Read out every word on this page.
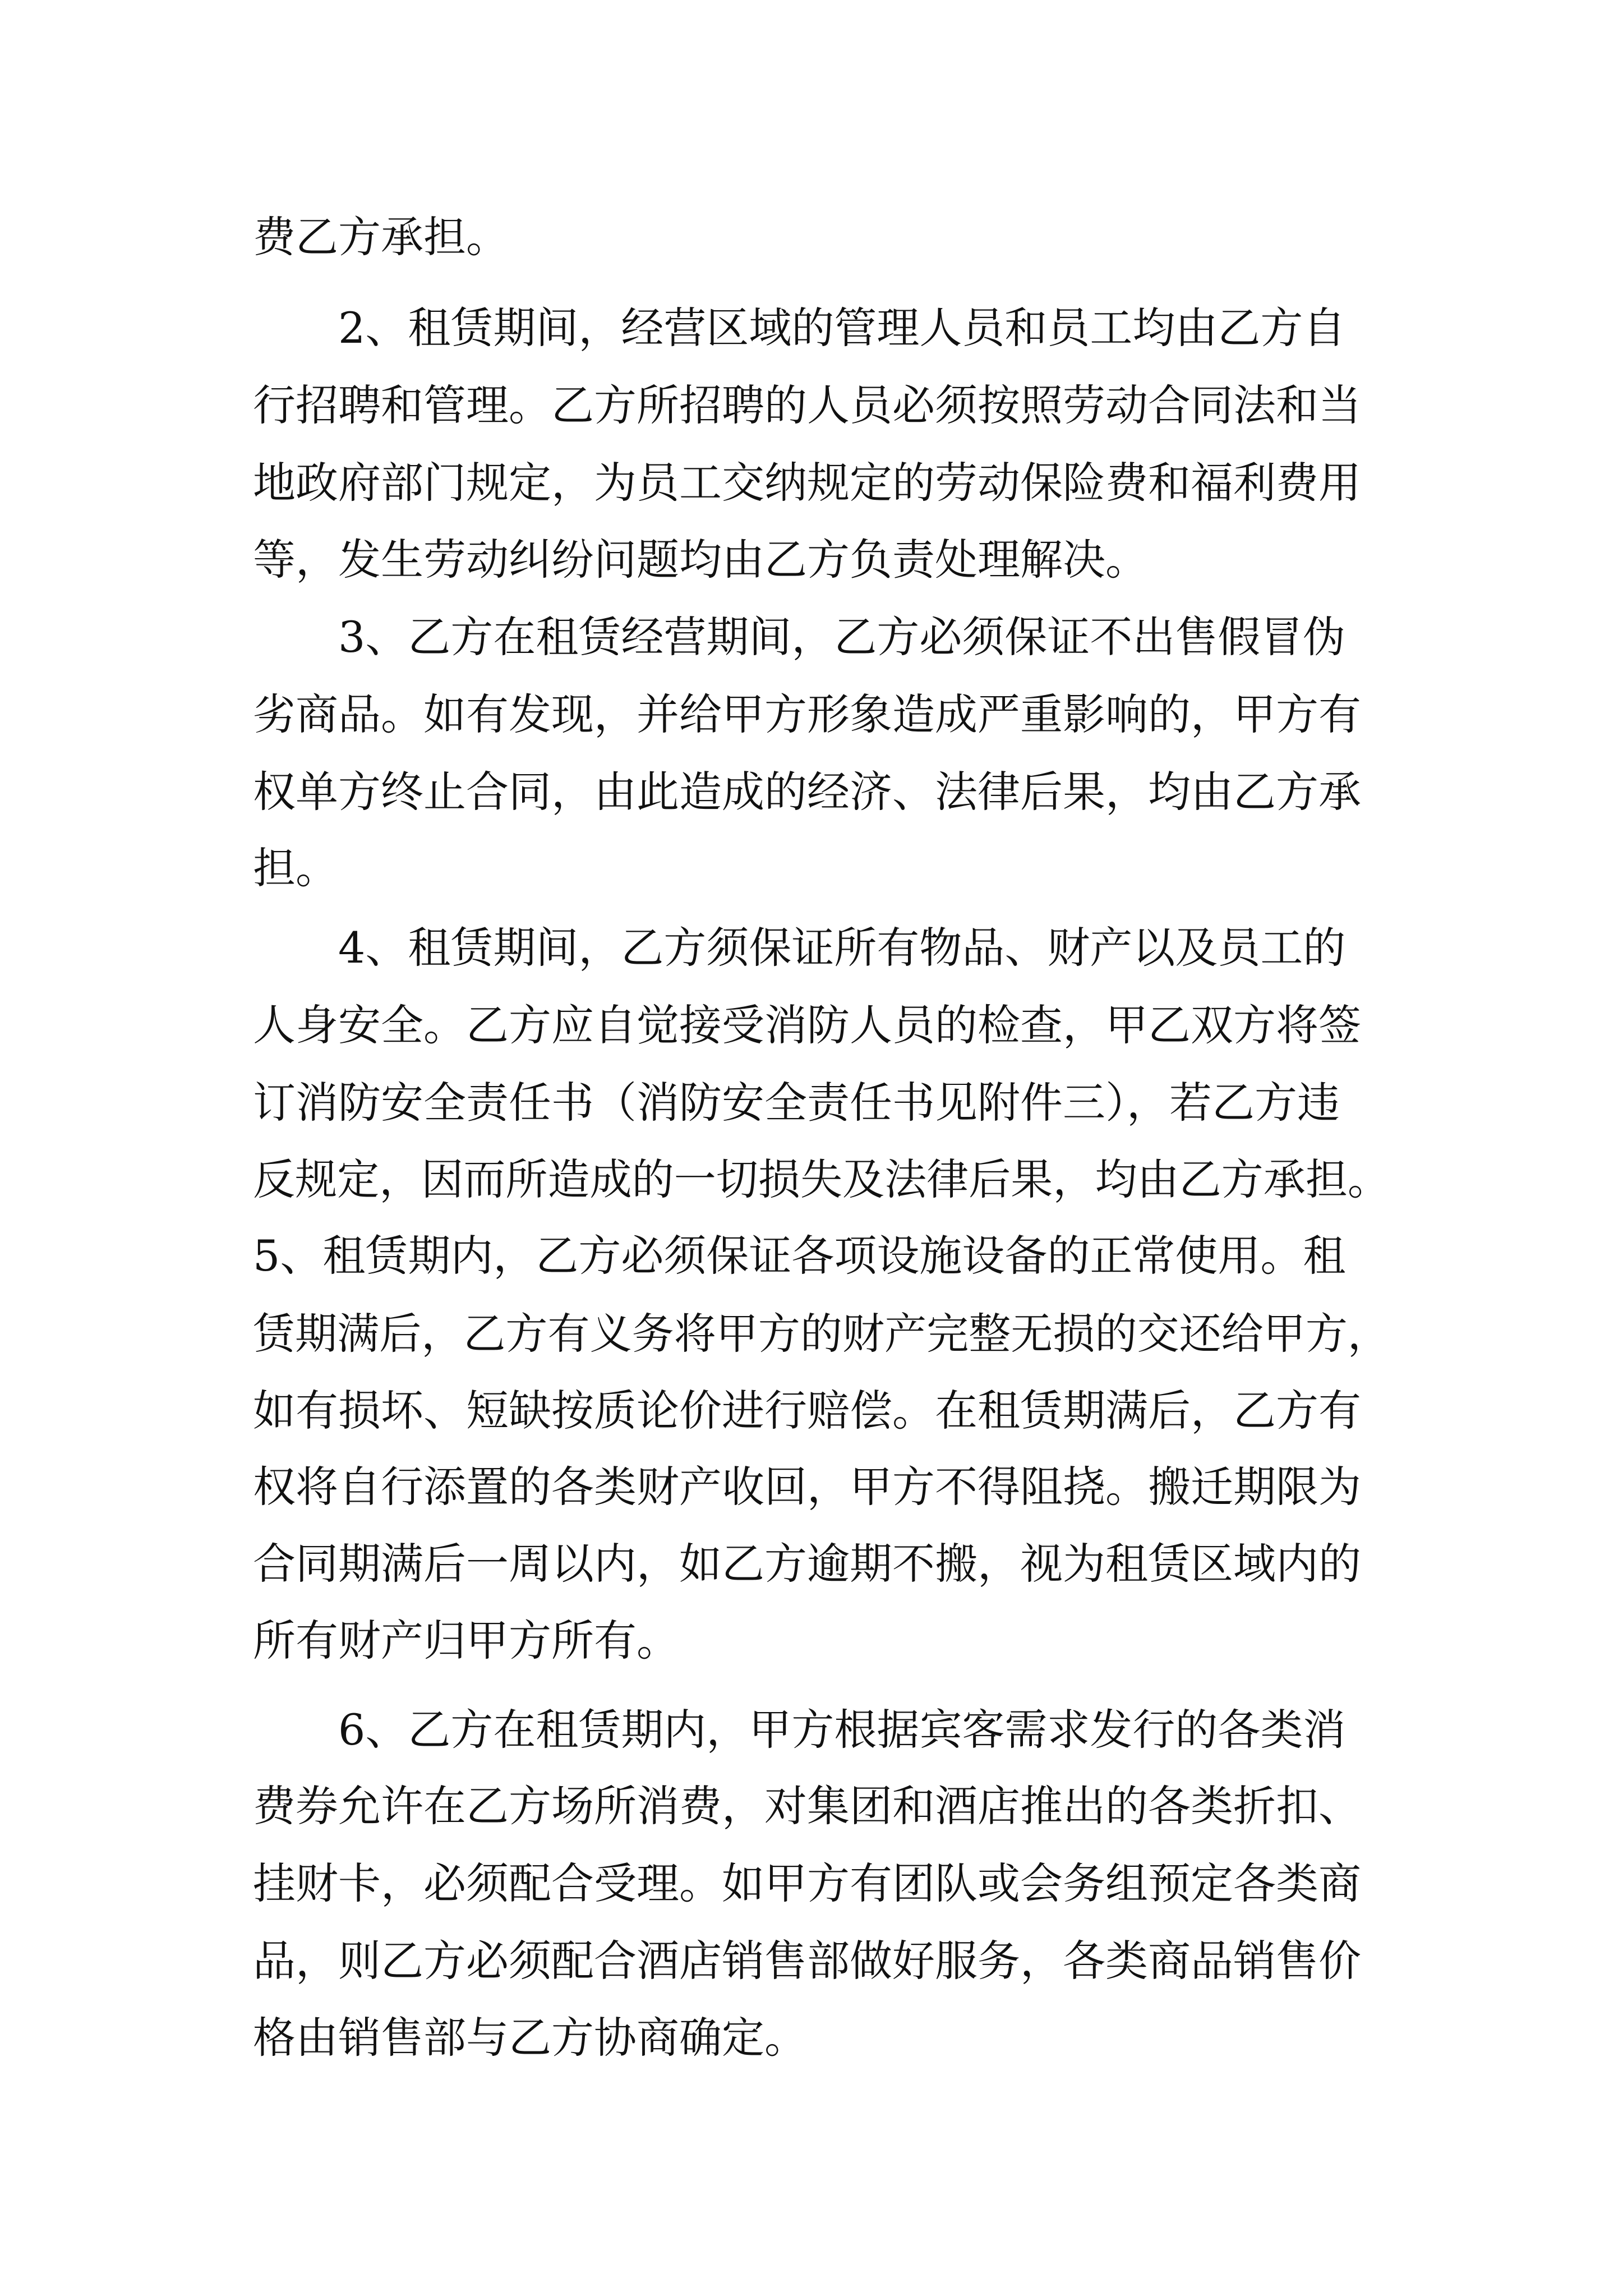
费乙方承担。

2、租赁期间，经营区域的管理人员和员工均由乙方自

行招聘和管理。乙方所招聘的人员必须按照劳动合同法和当

地政府部门规定，为员工交纳规定的劳动保险费和福利费用

等，发生劳动纠纷问题均由乙方负责处理解决。

3、乙方在租赁经营期间，乙方必须保证不出售假冒伪

劣商品。如有发现，并给甲方形象造成严重影响的，甲方有

权单方终止合同，由此造成的经济、法律后果，均由乙方承

担。

4、租赁期间，乙方须保证所有物品、财产以及员工的

人身安全。乙方应自觉接受消防人员的检查，甲乙双方将签

订消防安全责任书（消防安全责任书见附件三），若乙方违

反规定，因而所造成的一切损失及法律后果，均由乙方承担。

5、租赁期内，乙方必须保证各项设施设备的正常使用。租

赁期满后，乙方有义务将甲方的财产完整无损的交还给甲方，

如有损坏、短缺按质论价进行赔偿。在租赁期满后，乙方有

权将自行添置的各类财产收回，甲方不得阻挠。搬迁期限为

合同期满后一周以内，如乙方逾期不搬，视为租赁区域内的

所有财产归甲方所有。

6、乙方在租赁期内，甲方根据宾客需求发行的各类消

费券允许在乙方场所消费，对集团和酒店推出的各类折扣、

挂财卡，必须配合受理。如甲方有团队或会务组预定各类商

品，则乙方必须配合酒店销售部做好服务，各类商品销售价

格由销售部与乙方协商确定。
